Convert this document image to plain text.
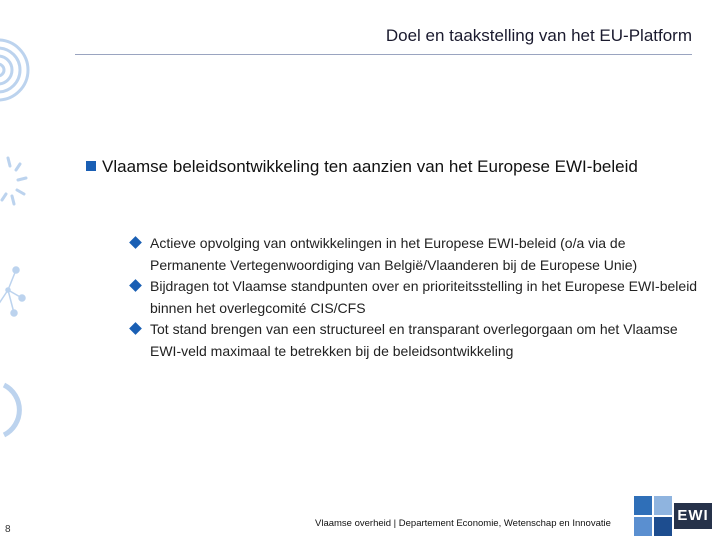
Doel en taakstelling van het EU-Platform
Vlaamse beleidsontwikkeling ten aanzien van het Europese EWI-beleid
Actieve opvolging van ontwikkelingen in het Europese EWI-beleid (o/a via de Permanente Vertegenwoordiging van België/Vlaanderen bij de Europese Unie)
Bijdragen tot Vlaamse standpunten over en prioriteitsstelling in het Europese EWI-beleid binnen het overlegcomité CIS/CFS
Tot stand brengen van een structureel en transparant overlegorgaan om het Vlaamse EWI-veld maximaal te betrekken bij de beleidsontwikkeling
8
Vlaamse overheid | Departement Economie, Wetenschap en Innovatie	EWI
